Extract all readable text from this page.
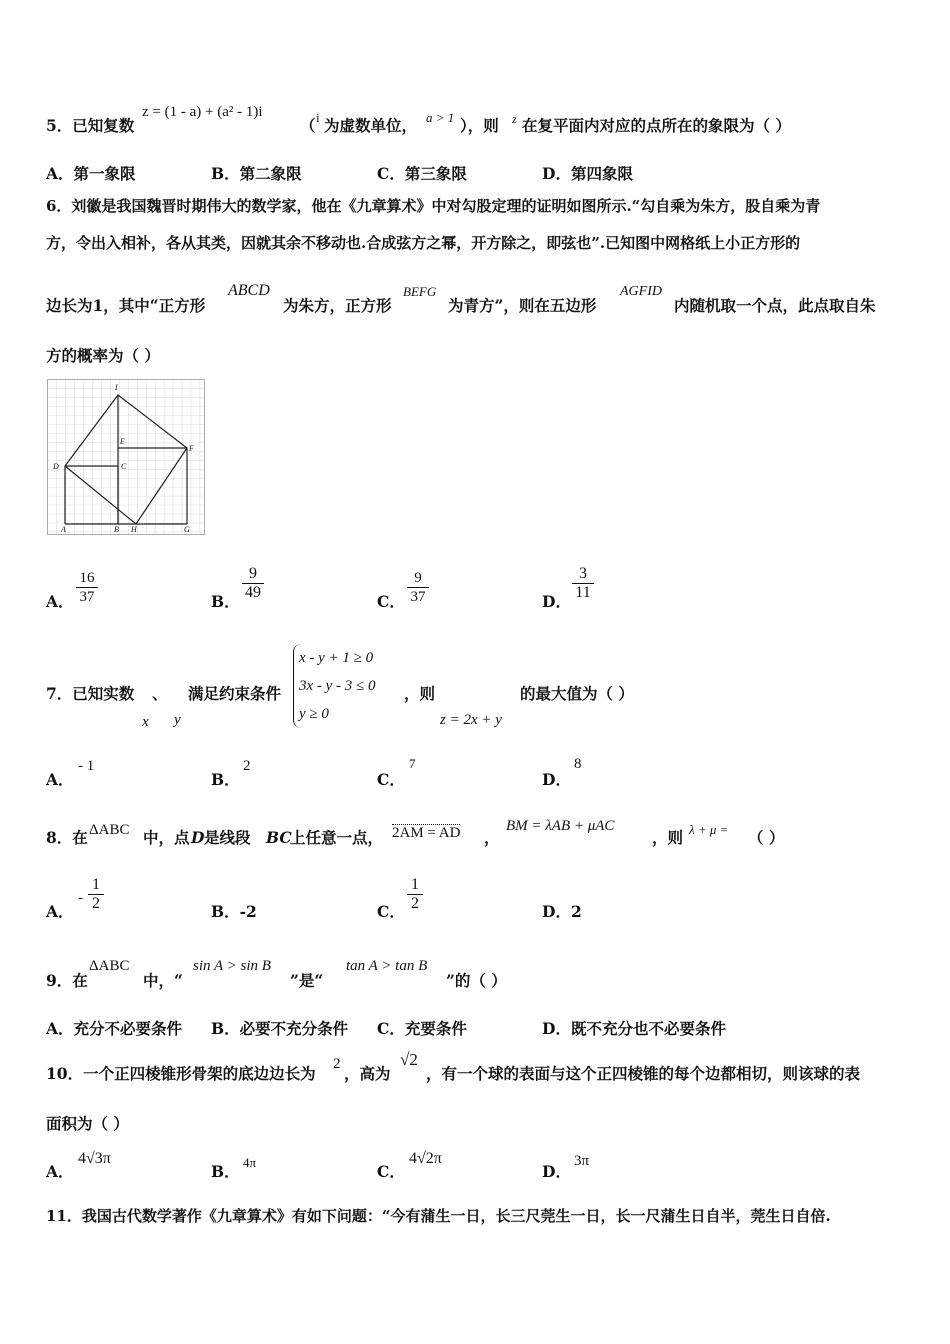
5．已知复数
z = (1 - a) + (a² - 1)i
（ i 为虚数单位， a > 1 ），则 z 在复平面内对应的点所在的象限为（ ）
A．第一象限	B．第二象限	C．第三象限	D．第四象限
6．刘徽是我国魏晋时期伟大的数学家，他在《九章算术》中对勾股定理的证明如图所示.“勾自乘为朱方，股自乘为青
方，令出入相补，各从其类，因就其余不移动也.合成弦方之幂，开方除之，即弦也”.已知图中网格纸上小正方形的
边长为1，其中“正方形
ABCD
为朱方，正方形
BEFG
为青方”，则在五边形
AGFID
内随机取一个点，此点取自朱
方的概率为（ ）
I
E
F
D	C
A	B H	G
A． $\frac{16}{37}$	B． $\frac{9}{49}$	C． $\frac{9}{37}$	D． $\frac{3}{11}$
7．已知实数 、 满足约束条件
x y
x - y + 1 ≥ 0
3x - y - 3 ≤ 0
y ≥ 0
，则
z = 2x + y
的最大值为（ ）
A．
- 1
B．
2
C．
7
D．
8
8．在 ΔABC 中，点 D 是线段 BC
上任意一点， 2AM = AD ，
BM = λAB + μAC
，则 λ + μ = （ ）
A．
- $\frac{1}{2}$	B．-2	C． $\frac{1}{2}$	D．2
9．在
ΔABC
中，“
sin A > sin B
”是“
tan A > tan B
”的（ ）
A．充分不必要条件 B．必要不充分条件 C．充要条件	D．既不充分也不必要条件
10．一个正四棱锥形骨架的底边边长为 2 ，高为
√2
，有一个球的表面与这个正四棱锥的每个边都相切，则该球的表
面积为（ ）
A．
4√3π
B． 4π	C．
4√2π
D．
3π
11．我国古代数学著作《九章算术》有如下问题：“今有蒲生一日，长三尺莞生一日，长一尺蒲生日自半，莞生日自倍.
